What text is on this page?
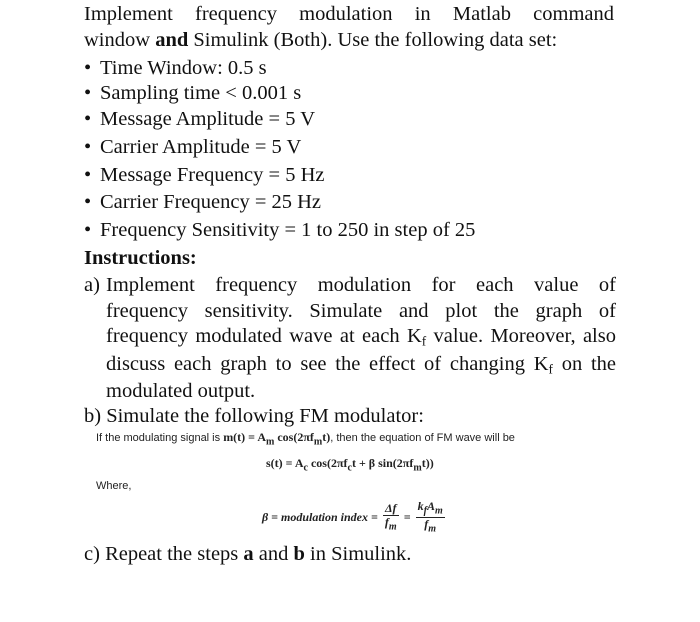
Implement frequency modulation in Matlab command
window and Simulink (Both). Use the following data set:
• Time Window: 0.5 s
• Sampling time < 0.001 s
• Message Amplitude = 5 V
• Carrier Amplitude = 5 V
• Message Frequency = 5 Hz
• Carrier Frequency = 25 Hz
• Frequency Sensitivity = 1 to 250 in step of 25
Instructions:
a) Implement frequency modulation for each value of
frequency sensitivity. Simulate and plot the graph of
frequency modulated wave at each $K_f$ value. Moreover, also
discuss each graph to see the effect of changing $K_f$ on the
modulated output.
b) Simulate the following FM modulator:
If the modulating signal is $m(t) = A_m$ $\cos(2\pi f_mt)$, then the equation of FM wave will be
$s(t) = A_c$ $\cos(2\pi f_ct + \beta$ $\sin(2\pi f_mt)$)
Where,
β = modulation index = $\frac{\Delta f}{f_m} = \frac{k_fA_m}{f_m}$
c) Repeat the steps a and b in Simulink.
